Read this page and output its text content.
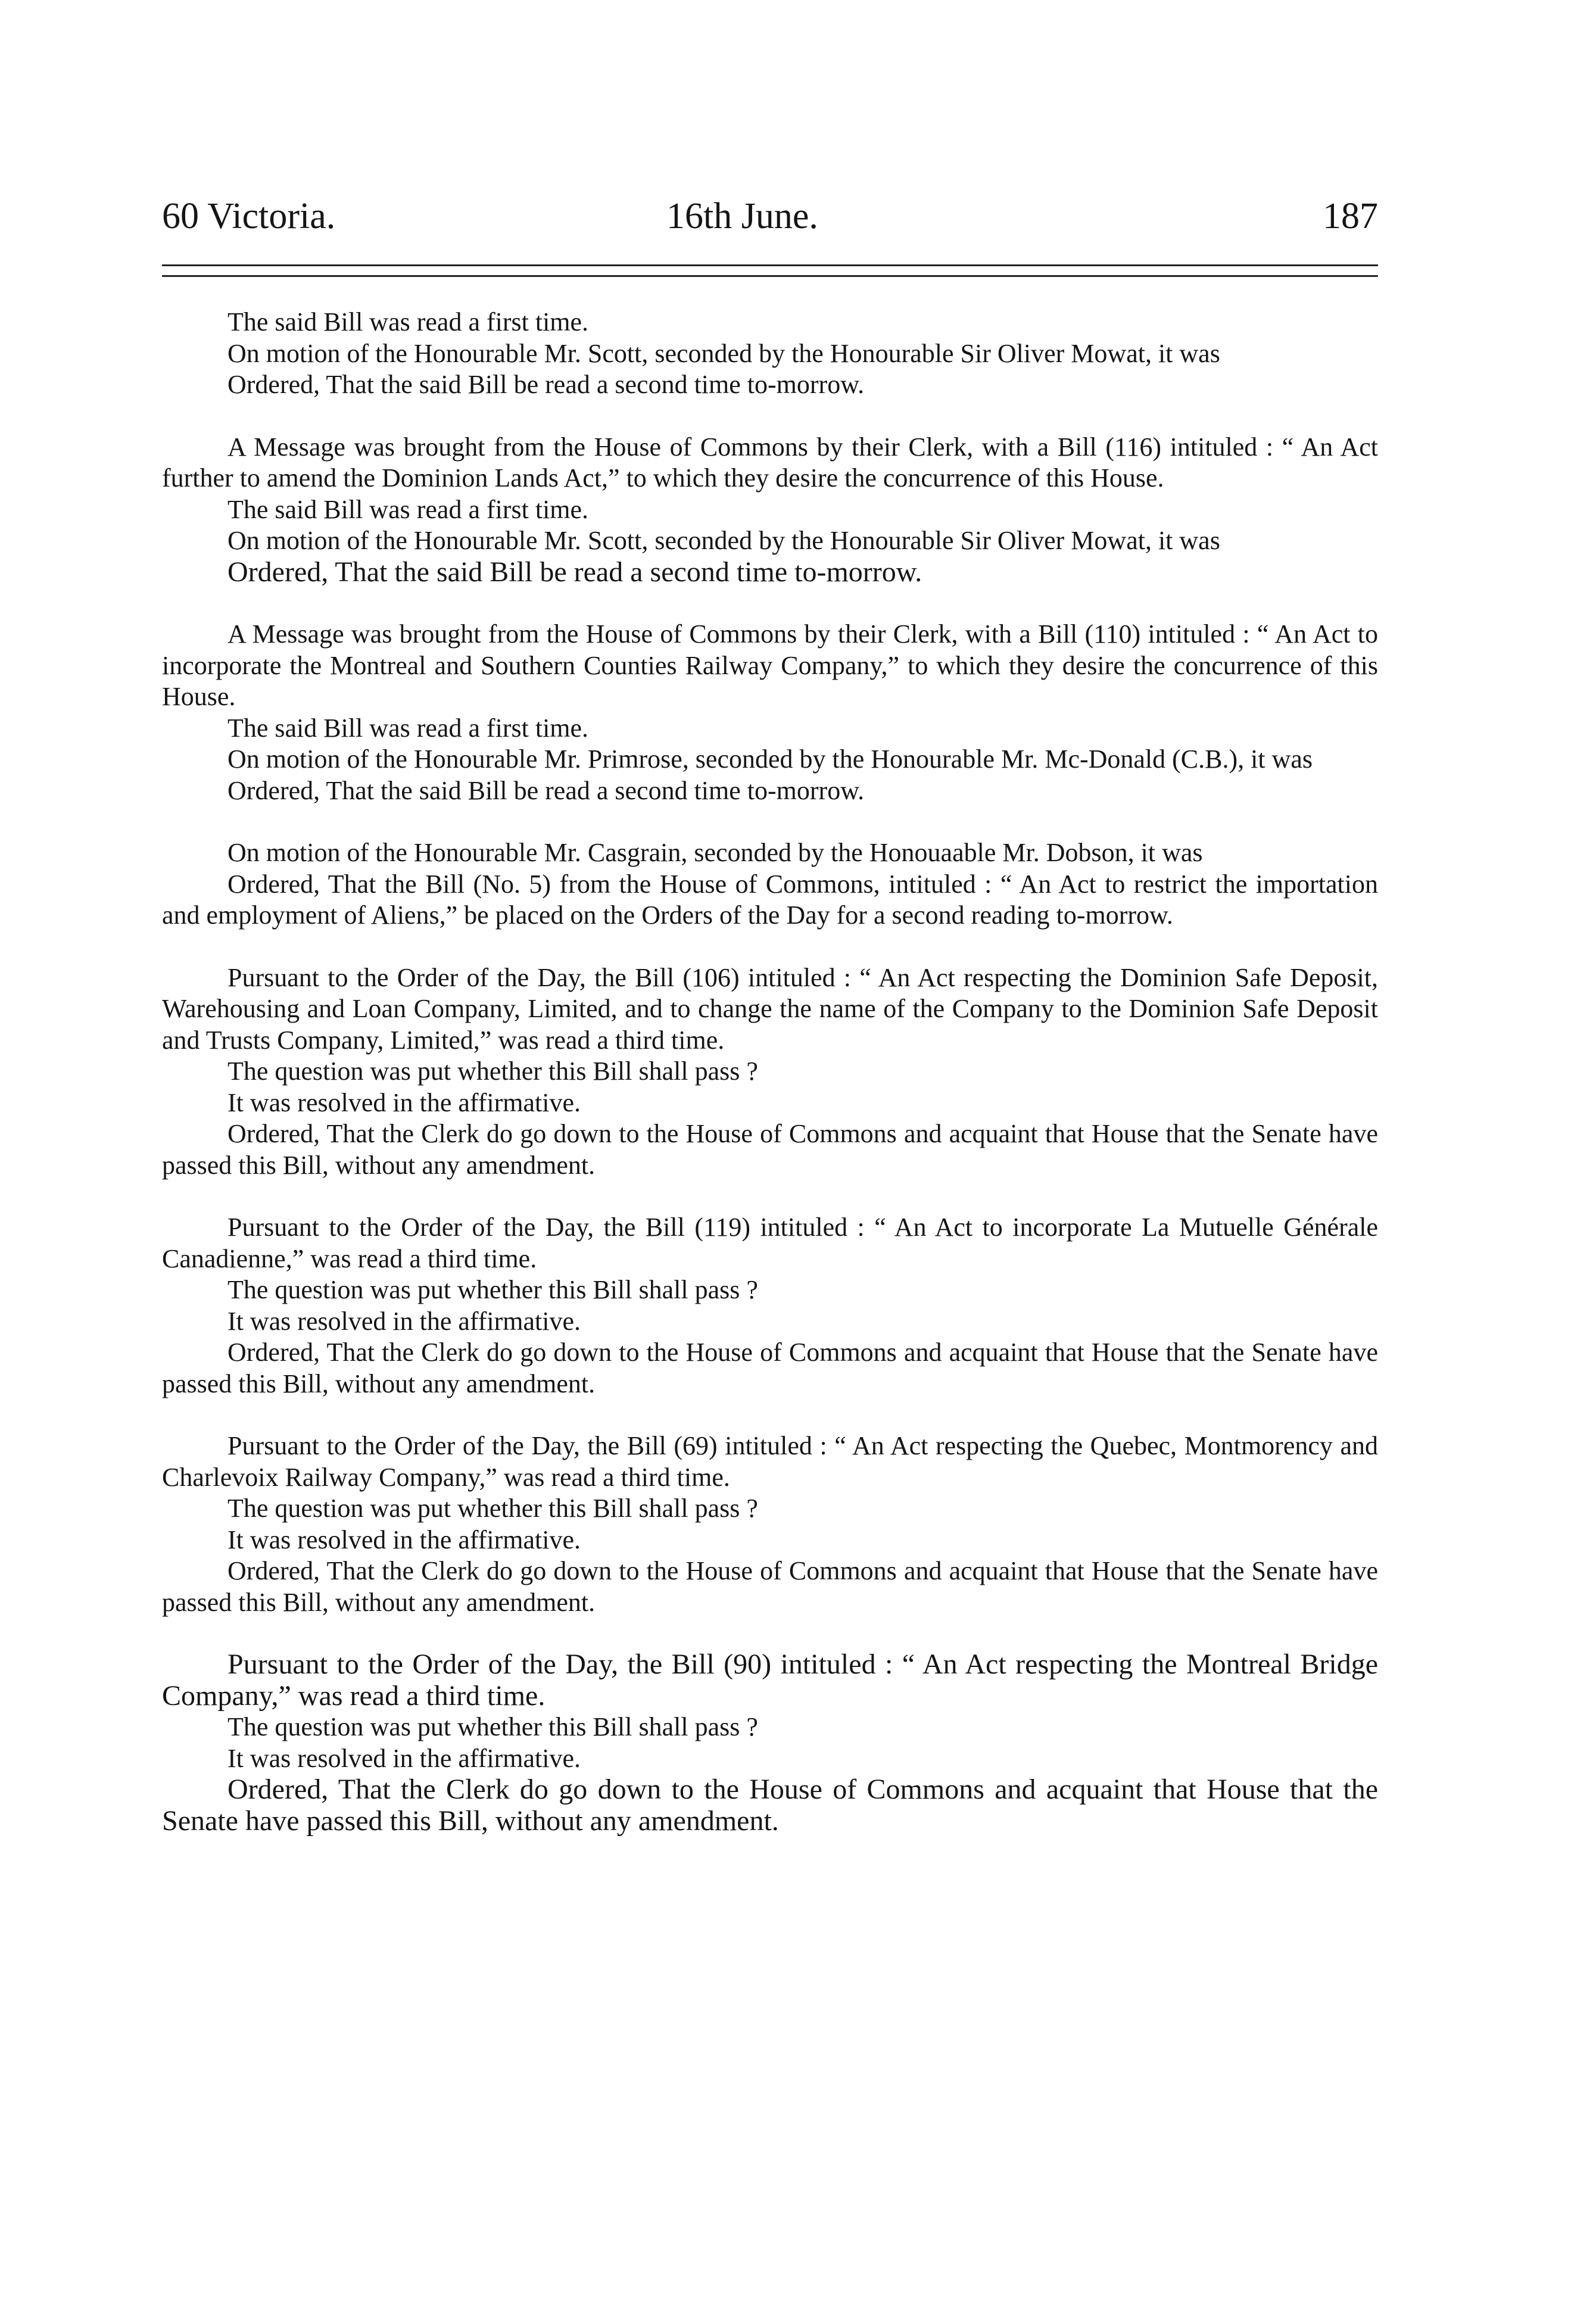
60 Victoria.	16th June.	187

The said Bill was read a first time.

On motion of the Honourable Mr. Scott, seconded by the Honourable Sir Oliver Mowat, it was

Ordered, That the said Bill be read a second time to-morrow.

A Message was brought from the House of Commons by their Clerk, with a Bill (116) intituled : “ An Act further to amend the Dominion Lands Act,” to which they desire the concurrence of this House.

The said Bill was read a first time.

On motion of the Honourable Mr. Scott, seconded by the Honourable Sir Oliver Mowat, it was

Ordered, That the said Bill be read a second time to-morrow.

A Message was brought from the House of Commons by their Clerk, with a Bill (110) intituled : “ An Act to incorporate the Montreal and Southern Counties Railway Company,” to which they desire the concurrence of this House.

The said Bill was read a first time.

On motion of the Honourable Mr. Primrose, seconded by the Honourable Mr. Mc-Donald (C.B.), it was

Ordered, That the said Bill be read a second time to-morrow.

On motion of the Honourable Mr. Casgrain, seconded by the Honouaable Mr. Dobson, it was

Ordered, That the Bill (No. 5) from the House of Commons, intituled : “ An Act to restrict the importation and employment of Aliens,” be placed on the Orders of the Day for a second reading to-morrow.

Pursuant to the Order of the Day, the Bill (106) intituled : “ An Act respecting the Dominion Safe Deposit, Warehousing and Loan Company, Limited, and to change the name of the Company to the Dominion Safe Deposit and Trusts Company, Limited,” was read a third time.

The question was put whether this Bill shall pass ?

It was resolved in the affirmative.

Ordered, That the Clerk do go down to the House of Commons and acquaint that House that the Senate have passed this Bill, without any amendment.

Pursuant to the Order of the Day, the Bill (119) intituled : “ An Act to incorporate La Mutuelle Générale Canadienne,” was read a third time.

The question was put whether this Bill shall pass ?

It was resolved in the affirmative.

Ordered, That the Clerk do go down to the House of Commons and acquaint that House that the Senate have passed this Bill, without any amendment.

Pursuant to the Order of the Day, the Bill (69) intituled : “ An Act respecting the Quebec, Montmorency and Charlevoix Railway Company,” was read a third time.

The question was put whether this Bill shall pass ?

It was resolved in the affirmative.

Ordered, That the Clerk do go down to the House of Commons and acquaint that House that the Senate have passed this Bill, without any amendment.

Pursuant to the Order of the Day, the Bill (90) intituled : “ An Act respecting the Montreal Bridge Company,” was read a third time.

The question was put whether this Bill shall pass ?

It was resolved in the affirmative.

Ordered, That the Clerk do go down to the House of Commons and acquaint that House that the Senate have passed this Bill, without any amendment.
